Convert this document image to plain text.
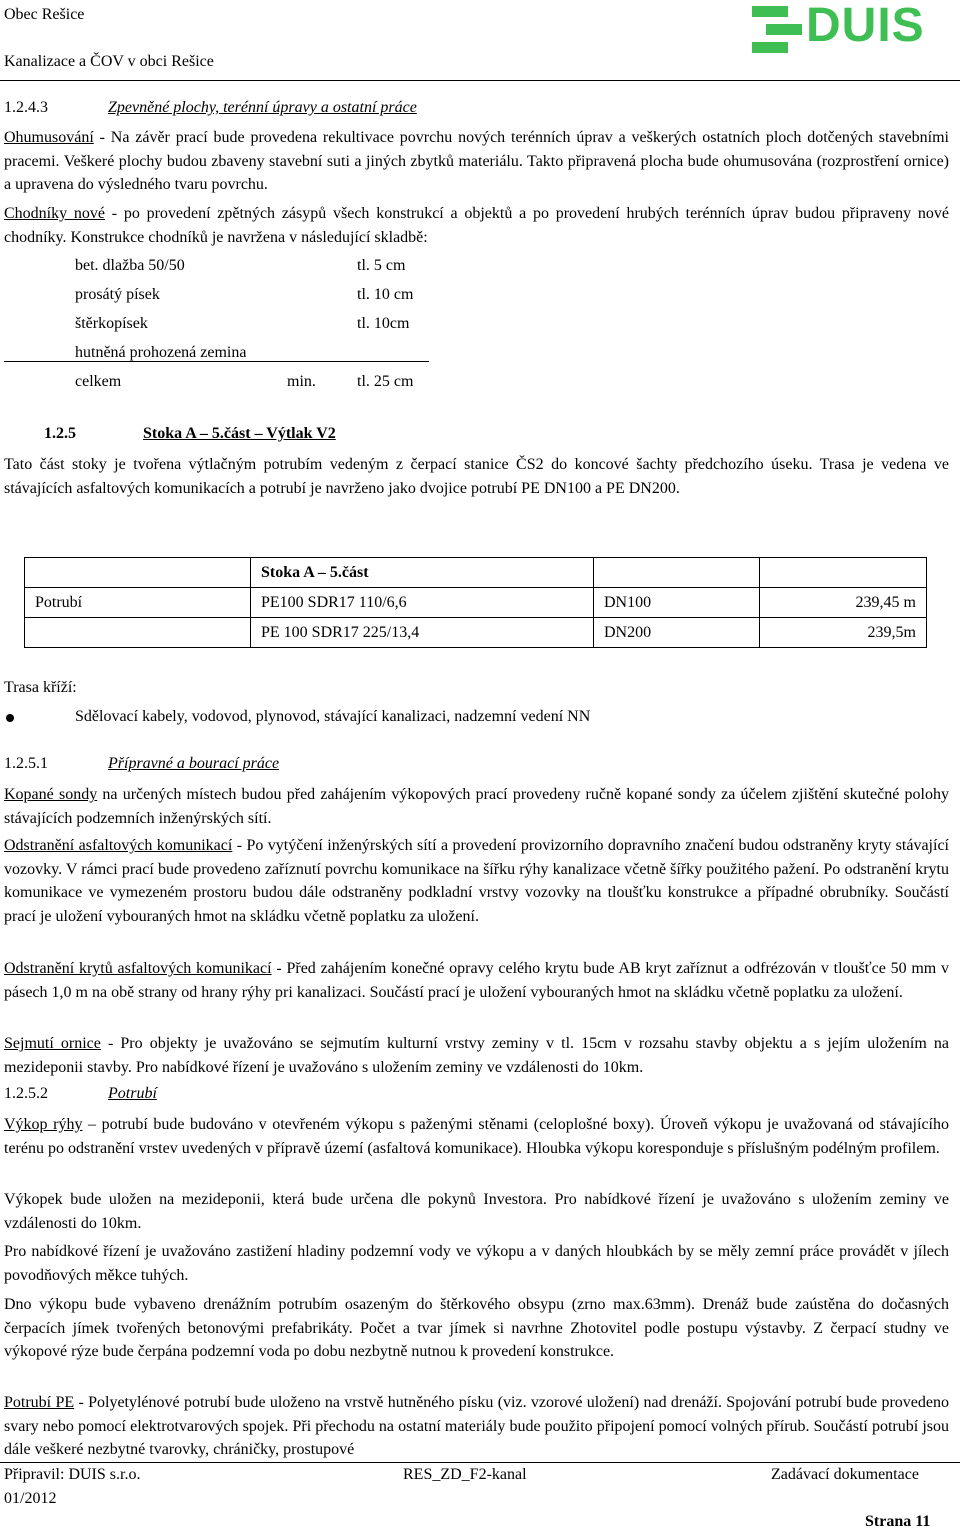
Obec Rešice
Kanalizace a ČOV v obci Rešice
DUIS
1.2.4.3	Zpevněné plochy, terénní úpravy a ostatní práce
Ohumusování - Na závěr prací bude provedena rekultivace povrchu nových terénních úprav a veškerých ostatních ploch dotčených stavebními pracemi. Veškeré plochy budou zbaveny stavební suti a jiných zbytků materiálu. Takto připravená plocha bude ohumusována (rozprostření ornice) a upravena do výsledného tvaru povrchu.
Chodníky nové - po provedení zpětných zásypů všech konstrukcí a objektů a po provedení hrubých terénních úprav budou připraveny nové chodníky. Konstrukce chodníků je navržena v následující skladbě:
bet. dlažba 50/50	tl. 5 cm
prosátý písek	tl. 10 cm
štěrkopísek	tl. 10cm
hutněná prohozená zemina
celkem	min.	tl. 25 cm
1.2.5	Stoka A – 5.část – Výtlak V2
Tato část stoky je tvořena výtlačným potrubím vedeným z čerpací stanice ČS2 do koncové šachty předchozího úseku. Trasa je vedena ve stávajících asfaltových komunikacích a potrubí je navrženo jako dvojice potrubí PE DN100 a PE DN200.
	Stoka A – 5.část		
Potrubí	PE100 SDR17 110/6,6	DN100	239,45 m
	PE 100 SDR17 225/13,4	DN200	239,5m
Trasa kříží:
Sdělovací kabely, vodovod, plynovod, stávající kanalizaci, nadzemní vedení NN
1.2.5.1	Přípravné a bourací práce
Kopané sondy na určených místech budou před zahájením výkopových prací provedeny ručně kopané sondy za účelem zjištění skutečné polohy stávajících podzemních inženýrských sítí.
Odstranění asfaltových komunikací - Po vytýčení inženýrských sítí a provedení provizorního dopravního značení budou odstraněny kryty stávající vozovky. V rámci prací bude provedeno zaříznutí povrchu komunikace na šířku rýhy kanalizace včetně šířky použitého pažení. Po odstranění krytu komunikace ve vymezeném prostoru budou dále odstraněny podkladní vrstvy vozovky na tloušťku konstrukce a případné obrubníky. Součástí prací je uložení vybouraných hmot na skládku včetně poplatku za uložení.
Odstranění krytů asfaltových komunikací - Před zahájením konečné opravy celého krytu bude AB kryt zaříznut a odfrézován v tloušťce 50 mm v pásech 1,0 m na obě strany od hrany rýhy pri kanalizaci. Součástí prací je uložení vybouraných hmot na skládku včetně poplatku za uložení.
Sejmutí ornice - Pro objekty je uvažováno se sejmutím kulturní vrstvy zeminy v tl. 15cm v rozsahu stavby objektu a s jejím uložením na mezideponii stavby. Pro nabídkové řízení je uvažováno s uložením zeminy ve vzdálenosti do 10km.
1.2.5.2	Potrubí
Výkop rýhy – potrubí bude budováno v otevřeném výkopu s paženými stěnami (celoplošné boxy). Úroveň výkopu je uvažovaná od stávajícího terénu po odstranění vrstev uvedených v přípravě území (asfaltová komunikace). Hloubka výkopu koresponduje s příslušným podélným profilem.
Výkopek bude uložen na mezideponii, která bude určena dle pokynů Investora. Pro nabídkové řízení je uvažováno s uložením zeminy ve vzdálenosti do 10km.
Pro nabídkové řízení je uvažováno zastižení hladiny podzemní vody ve výkopu a v daných hloubkách by se měly zemní práce provádět v jílech povodňových měkce tuhých.
Dno výkopu bude vybaveno drenážním potrubím osazeným do štěrkového obsypu (zrno max.63mm). Drenáž bude zaústěna do dočasných čerpacích jímek tvořených betonovými prefabrikáty. Počet a tvar jímek si navrhne Zhotovitel podle postupu výstavby. Z čerpací studny ve výkopové rýze bude čerpána podzemní voda po dobu nezbytně nutnou k provedení konstrukce.
Potrubí PE - Polyetylénové potrubí bude uloženo na vrstvě hutněného písku (viz. vzorové uložení) nad drenáží. Spojování potrubí bude provedeno svary nebo pomocí elektrotvarových spojek. Při přechodu na ostatní materiály bude použito připojení pomocí volných přírub. Součástí potrubí jsou dále veškeré nezbytné tvarovky, chráničky, prostupové
Připravil: DUIS s.r.o.	RES_ZD_F2-kanal	Zadávací dokumentace
01/2012
Strana 11
